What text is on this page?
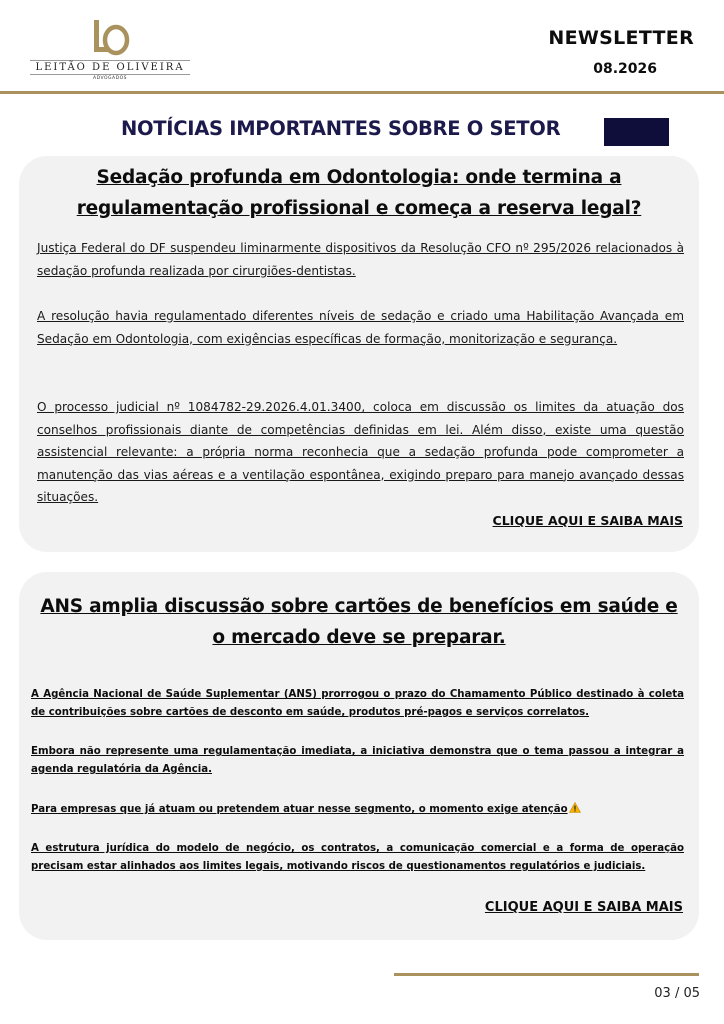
LEITÃO DE OLIVEIRA
ADVOGADOS
NEWSLETTER
08.2026
NOTÍCIAS IMPORTANTES SOBRE O SETOR
Sedação profunda em Odontologia: onde termina a
regulamentação profissional e começa a reserva legal?
Justiça Federal do DF suspendeu liminarmente dispositivos da Resolução CFO nº 295/2026 relacionados à sedação profunda realizada por cirurgiões-dentistas.
A resolução havia regulamentado diferentes níveis de sedação e criado uma Habilitação Avançada em Sedação em Odontologia, com exigências específicas de formação, monitorização e segurança.
O processo judicial nº 1084782-29.2026.4.01.3400, coloca em discussão os limites da atuação dos conselhos profissionais diante de competências definidas em lei. Além disso, existe uma questão assistencial relevante: a própria norma reconhecia que a sedação profunda pode comprometer a manutenção das vias aéreas e a ventilação espontânea, exigindo preparo para manejo avançado dessas situações.
CLIQUE AQUI E SAIBA MAIS
ANS amplia discussão sobre cartões de benefícios em saúde e
o mercado deve se preparar.
A Agência Nacional de Saúde Suplementar (ANS) prorrogou o prazo do Chamamento Público destinado à coleta de contribuições sobre cartões de desconto em saúde, produtos pré-pagos e serviços correlatos.
Embora não represente uma regulamentação imediata, a iniciativa demonstra que o tema passou a integrar a agenda regulatória da Agência.
Para empresas que já atuam ou pretendem atuar nesse segmento, o momento exige atenção
A estrutura jurídica do modelo de negócio, os contratos, a comunicação comercial e a forma de operação precisam estar alinhados aos limites legais, motivando riscos de questionamentos regulatórios e judiciais.
CLIQUE AQUI E SAIBA MAIS
03 / 05
